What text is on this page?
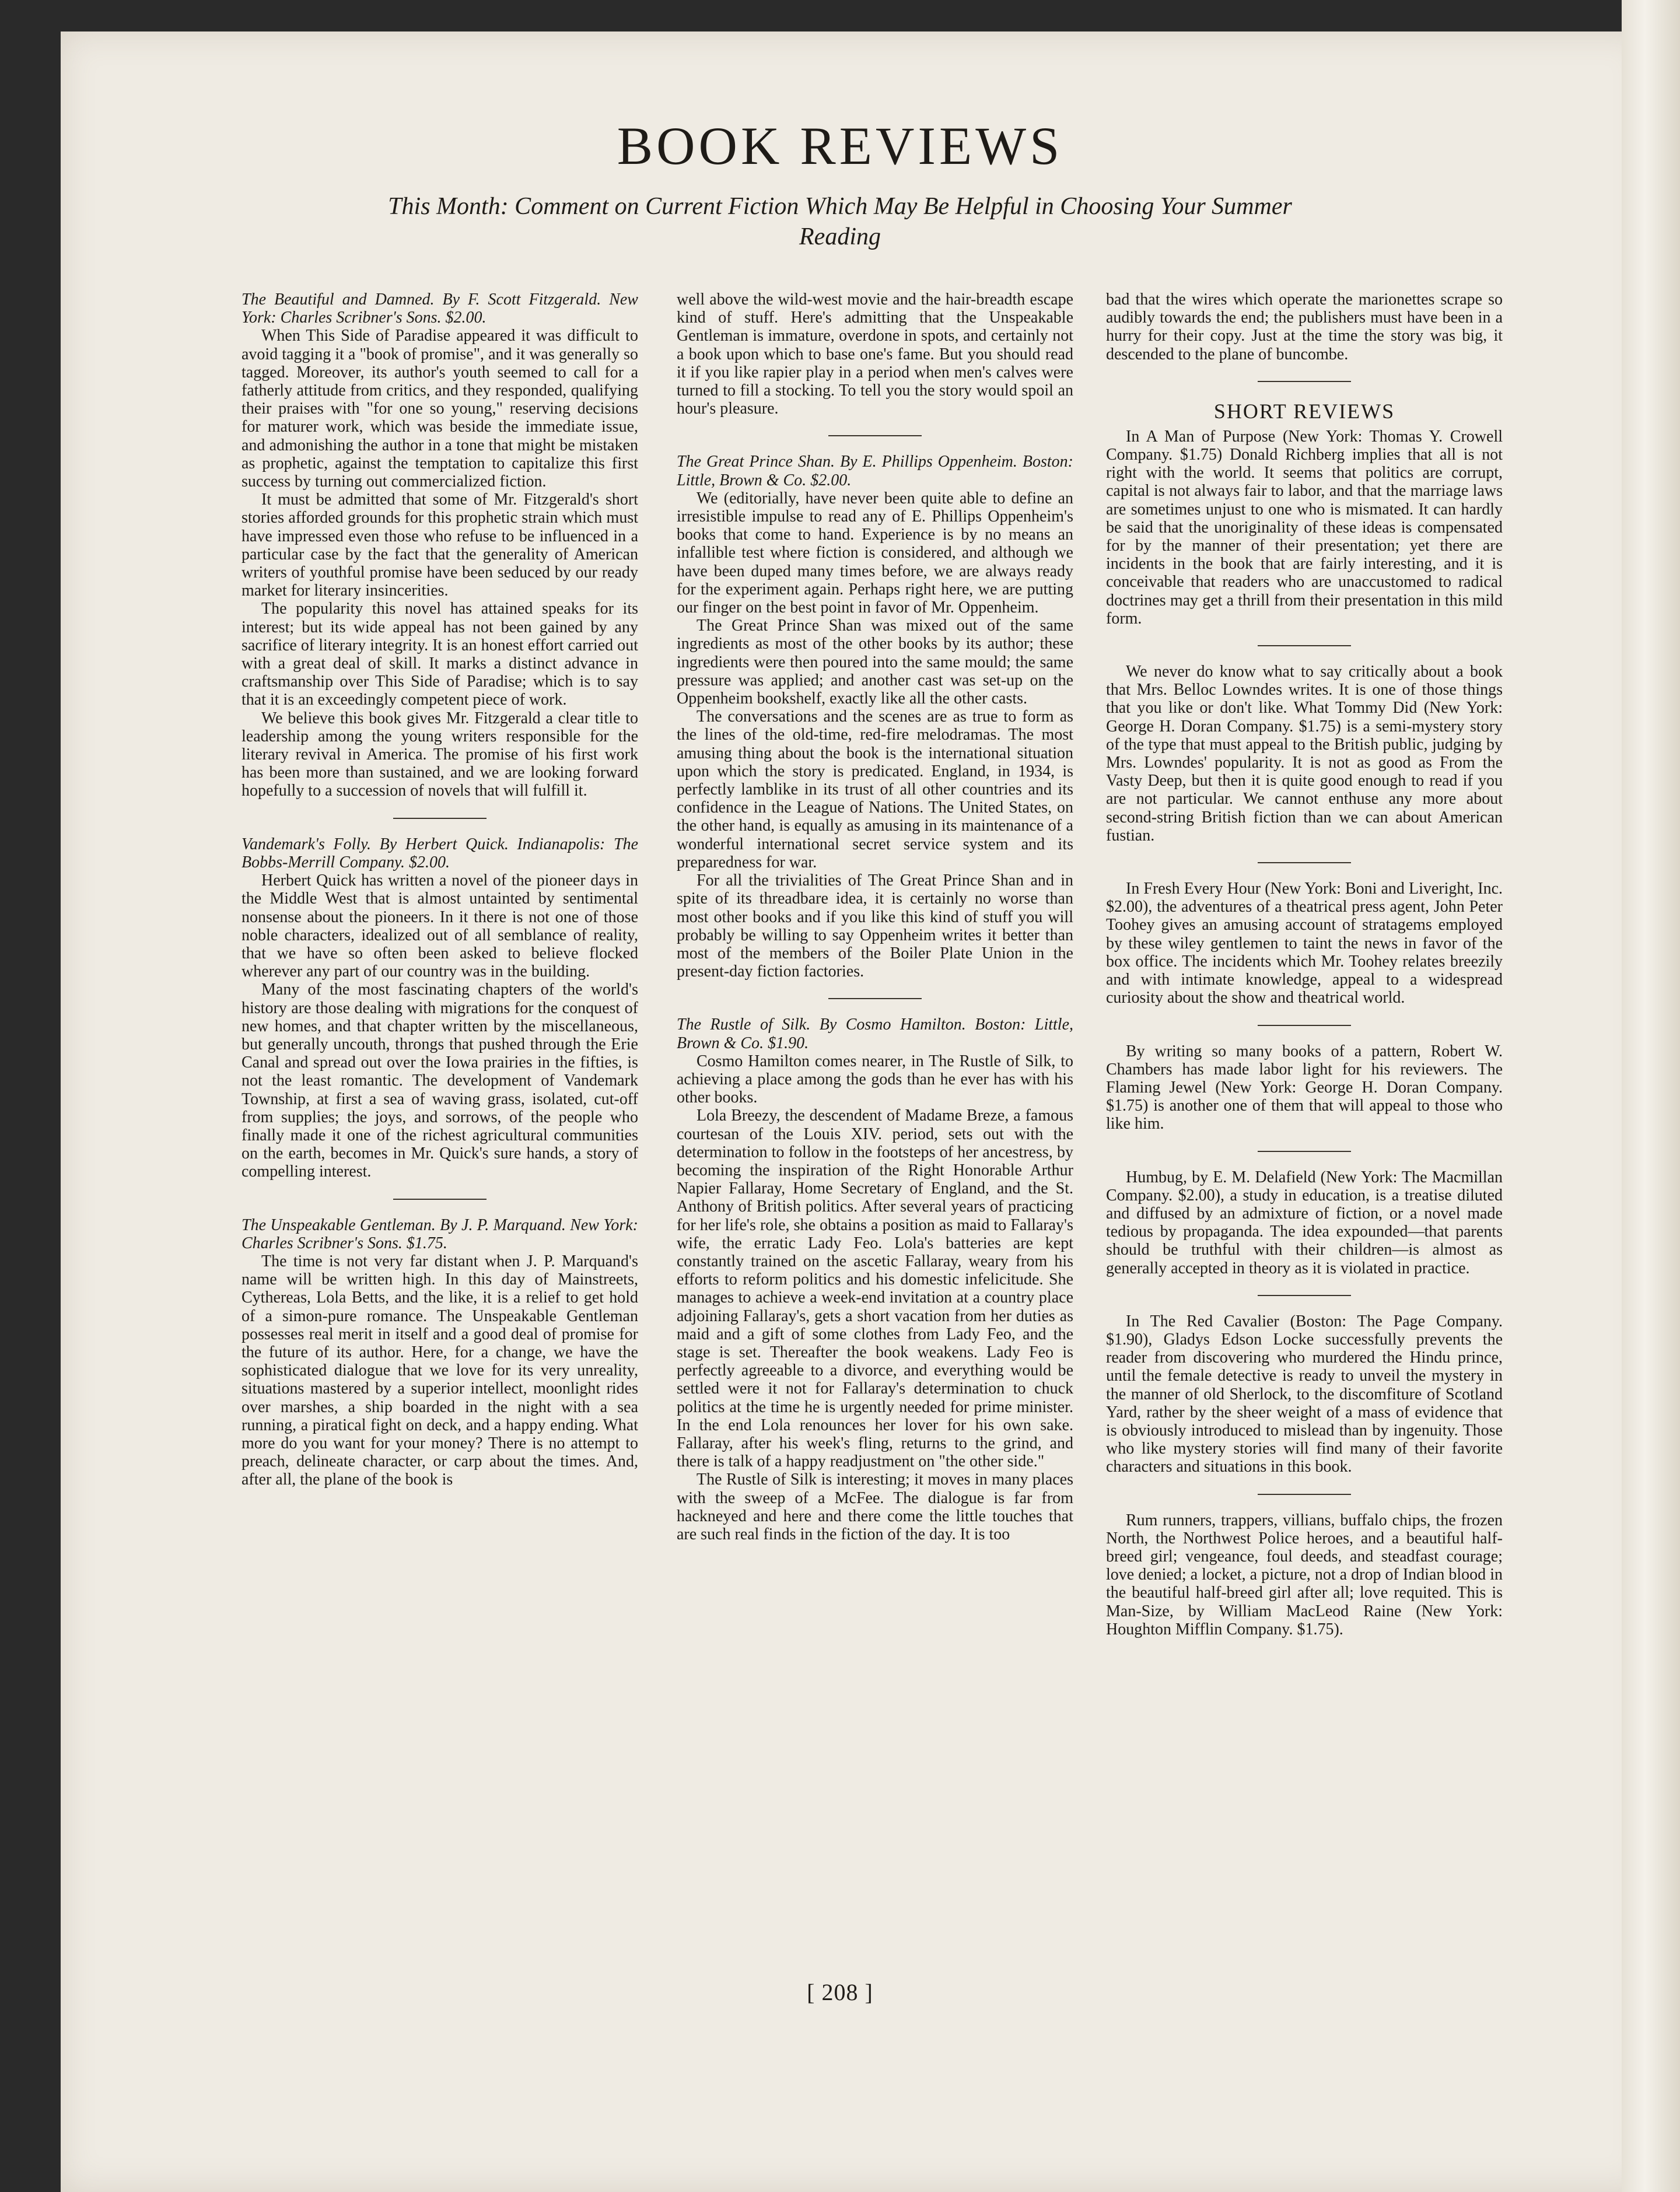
BOOK REVIEWS
This Month: Comment on Current Fiction Which May Be Helpful in Choosing Your Summer Reading

The Beautiful and Damned. By F. Scott Fitzgerald. New York: Charles Scribner's Sons. $2.00.

When This Side of Paradise appeared it was difficult to avoid tagging it a "book of promise", and it was generally so tagged. Moreover, its author's youth seemed to call for a fatherly attitude from critics, and they responded, qualifying their praises with "for one so young," reserving decisions for maturer work, which was beside the immediate issue, and admonishing the author in a tone that might be mistaken as prophetic, against the temptation to capitalize this first success by turning out commercialized fiction.

It must be admitted that some of Mr. Fitzgerald's short stories afforded grounds for this prophetic strain which must have impressed even those who refuse to be influenced in a particular case by the fact that the generality of American writers of youthful promise have been seduced by our ready market for literary insincerities.

The popularity this novel has attained speaks for its interest; but its wide appeal has not been gained by any sacrifice of literary integrity. It is an honest effort carried out with a great deal of skill. It marks a distinct advance in craftsmanship over This Side of Paradise; which is to say that it is an exceedingly competent piece of work.

We believe this book gives Mr. Fitzgerald a clear title to leadership among the young writers responsible for the literary revival in America. The promise of his first work has been more than sustained, and we are looking forward hopefully to a succession of novels that will fulfill it.

Vandemark's Folly. By Herbert Quick. Indianapolis: The Bobbs-Merrill Company. $2.00.

Herbert Quick has written a novel of the pioneer days in the Middle West that is almost untainted by sentimental nonsense about the pioneers. In it there is not one of those noble characters, idealized out of all semblance of reality, that we have so often been asked to believe flocked wherever any part of our country was in the building.

Many of the most fascinating chapters of the world's history are those dealing with migrations for the conquest of new homes, and that chapter written by the miscellaneous, but generally uncouth, throngs that pushed through the Erie Canal and spread out over the Iowa prairies in the fifties, is not the least romantic. The development of Vandemark Township, at first a sea of waving grass, isolated, cut-off from supplies; the joys, and sorrows, of the people who finally made it one of the richest agricultural communities on the earth, becomes in Mr. Quick's sure hands, a story of compelling interest.

The Unspeakable Gentleman. By J. P. Marquand. New York: Charles Scribner's Sons. $1.75.

The time is not very far distant when J. P. Marquand's name will be written high. In this day of Mainstreets, Cythereas, Lola Betts, and the like, it is a relief to get hold of a simon-pure romance. The Unspeakable Gentleman possesses real merit in itself and a good deal of promise for the future of its author. Here, for a change, we have the sophisticated dialogue that we love for its very unreality, situations mastered by a superior intellect, moonlight rides over marshes, a ship boarded in the night with a sea running, a piratical fight on deck, and a happy ending. What more do you want for your money? There is no attempt to preach, delineate character, or carp about the times. And, after all, the plane of the book is

well above the wild-west movie and the hair-breadth escape kind of stuff. Here's admitting that the Unspeakable Gentleman is immature, overdone in spots, and certainly not a book upon which to base one's fame. But you should read it if you like rapier play in a period when men's calves were turned to fill a stocking. To tell you the story would spoil an hour's pleasure.

The Great Prince Shan. By E. Phillips Oppenheim. Boston: Little, Brown & Co. $2.00.

We (editorially, have never been quite able to define an irresistible impulse to read any of E. Phillips Oppenheim's books that come to hand. Experience is by no means an infallible test where fiction is considered, and although we have been duped many times before, we are always ready for the experiment again. Perhaps right here, we are putting our finger on the best point in favor of Mr. Oppenheim.

The Great Prince Shan was mixed out of the same ingredients as most of the other books by its author; these ingredients were then poured into the same mould; the same pressure was applied; and another cast was set-up on the Oppenheim bookshelf, exactly like all the other casts.

The conversations and the scenes are as true to form as the lines of the old-time, red-fire melodramas. The most amusing thing about the book is the international situation upon which the story is predicated. England, in 1934, is perfectly lamblike in its trust of all other countries and its confidence in the League of Nations. The United States, on the other hand, is equally as amusing in its maintenance of a wonderful international secret service system and its preparedness for war.

For all the trivialities of The Great Prince Shan and in spite of its threadbare idea, it is certainly no worse than most other books and if you like this kind of stuff you will probably be willing to say Oppenheim writes it better than most of the members of the Boiler Plate Union in the present-day fiction factories.

The Rustle of Silk. By Cosmo Hamilton. Boston: Little, Brown & Co. $1.90.

Cosmo Hamilton comes nearer, in The Rustle of Silk, to achieving a place among the gods than he ever has with his other books.

Lola Breezy, the descendent of Madame Breze, a famous courtesan of the Louis XIV. period, sets out with the determination to follow in the footsteps of her ancestress, by becoming the inspiration of the Right Honorable Arthur Napier Fallaray, Home Secretary of England, and the St. Anthony of British politics. After several years of practicing for her life's role, she obtains a position as maid to Fallaray's wife, the erratic Lady Feo. Lola's batteries are kept constantly trained on the ascetic Fallaray, weary from his efforts to reform politics and his domestic infelicitude. She manages to achieve a week-end invitation at a country place adjoining Fallaray's, gets a short vacation from her duties as maid and a gift of some clothes from Lady Feo, and the stage is set. Thereafter the book weakens. Lady Feo is perfectly agreeable to a divorce, and everything would be settled were it not for Fallaray's determination to chuck politics at the time he is urgently needed for prime minister. In the end Lola renounces her lover for his own sake. Fallaray, after his week's fling, returns to the grind, and there is talk of a happy readjustment on "the other side."

The Rustle of Silk is interesting; it moves in many places with the sweep of a McFee. The dialogue is far from hackneyed and here and there come the little touches that are such real finds in the fiction of the day. It is too

bad that the wires which operate the marionettes scrape so audibly towards the end; the publishers must have been in a hurry for their copy. Just at the time the story was big, it descended to the plane of buncombe.

SHORT REVIEWS

In A Man of Purpose (New York: Thomas Y. Crowell Company. $1.75) Donald Richberg implies that all is not right with the world. It seems that politics are corrupt, capital is not always fair to labor, and that the marriage laws are sometimes unjust to one who is mismated. It can hardly be said that the unoriginality of these ideas is compensated for by the manner of their presentation; yet there are incidents in the book that are fairly interesting, and it is conceivable that readers who are unaccustomed to radical doctrines may get a thrill from their presentation in this mild form.

We never do know what to say critically about a book that Mrs. Belloc Lowndes writes. It is one of those things that you like or don't like. What Tommy Did (New York: George H. Doran Company. $1.75) is a semi-mystery story of the type that must appeal to the British public, judging by Mrs. Lowndes' popularity. It is not as good as From the Vasty Deep, but then it is quite good enough to read if you are not particular. We cannot enthuse any more about second-string British fiction than we can about American fustian.

In Fresh Every Hour (New York: Boni and Liveright, Inc. $2.00), the adventures of a theatrical press agent, John Peter Toohey gives an amusing account of stratagems employed by these wiley gentlemen to taint the news in favor of the box office. The incidents which Mr. Toohey relates breezily and with intimate knowledge, appeal to a widespread curiosity about the show and theatrical world.

By writing so many books of a pattern, Robert W. Chambers has made labor light for his reviewers. The Flaming Jewel (New York: George H. Doran Company. $1.75) is another one of them that will appeal to those who like him.

Humbug, by E. M. Delafield (New York: The Macmillan Company. $2.00), a study in education, is a treatise diluted and diffused by an admixture of fiction, or a novel made tedious by propaganda. The idea expounded—that parents should be truthful with their children—is almost as generally accepted in theory as it is violated in practice.

In The Red Cavalier (Boston: The Page Company. $1.90), Gladys Edson Locke successfully prevents the reader from discovering who murdered the Hindu prince, until the female detective is ready to unveil the mystery in the manner of old Sherlock, to the discomfiture of Scotland Yard, rather by the sheer weight of a mass of evidence that is obviously introduced to mislead than by ingenuity. Those who like mystery stories will find many of their favorite characters and situations in this book.

Rum runners, trappers, villians, buffalo chips, the frozen North, the Northwest Police heroes, and a beautiful half-breed girl; vengeance, foul deeds, and steadfast courage; love denied; a locket, a picture, not a drop of Indian blood in the beautiful half-breed girl after all; love requited. This is Man-Size, by William MacLeod Raine (New York: Houghton Mifflin Company. $1.75).

[ 208 ]
